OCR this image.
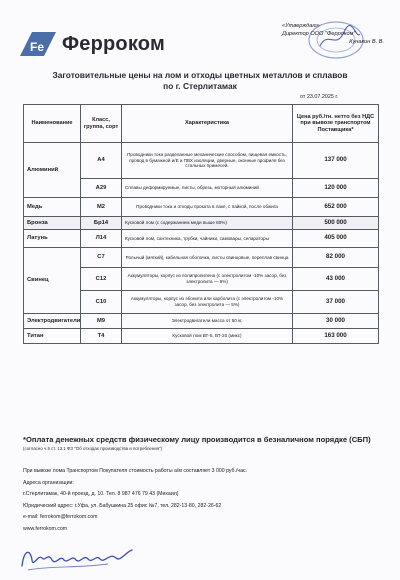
Fe Ферроком
«Утверждаю»
Директор ООО "Ферроком"
Кунакин В. В.
Заготовительные цены на лом и отходы цветных металлов и сплавов
по г. Стерлитамак
от 23.07.2025 г.
Наименование	Класс, группа, сорт	Характеристика	Цена руб./тн. нетто без НДС при вывозе транспортом Поставщика*
Алюминий	А4	Проводники тока разделанные механические способом, пищевая емкость, провод в бумажной и/Е и ПВХ изоляции, дверные, оконные профиля без стальных примесей.	137 000
	А29	Сплавы деформируемые, листы, обрезь, моторный алюминий	120 000
Медь	М2	Проводники тока и отходы проката в лаке, с пайкой, после обжига	652 000
Бронза	Бр14	Кусковой лом (с содержанием меди выше 80%)	500 000
Латунь	Л14	Кусковой лом, сантехника, трубки, чайники, самовары, сепараторы	405 000
Свинец	С7	Рольный (мягкий), кабельная оболочка, листы свинцовые, переплав свинца	82 000
	С12	Аккумуляторы, корпус из полипропилена (с электролитом -10% засор, без электролита — 5%)	43 000
	С10	Аккумуляторы, корпус из эбонита или карболита (с электролитом -10% засор, без электролита — 5%)	37 000
Электродвигатели	М9	Электродвигатели масса от 50 кг,	30 000
Титан	Т4	Кусковой лом ВТ-5, ВТ-20 (микс)	163 000
*Оплата денежных средств физическому лицу производится в безналичном порядке (СБП)
(согласно ч.5 ст. 13.1 ФЗ "Об отходах производства и потребления")
При вывозе лома Транспортом Покупателя стоимость работы а/м составляет 3 000 руб./час.
Адреса организации:
г.Стерлитамак, 40-й проезд, д. 10. Тел. 8 987 476 79 43 (Михаил)
Юридический адрес: г.Уфа, ул. Бабушкина 25 офис №7, тел. 282-13-80, 282-26-62
e-mail: ferrokom@ferrokom.com
www.ferrokom.com
